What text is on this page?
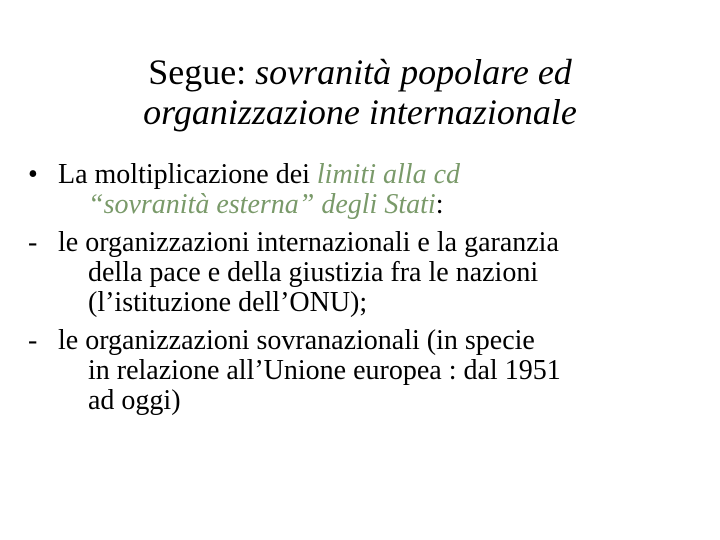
Segue: sovranità popolare ed
organizzazione internazionale
• La moltiplicazione dei limiti alla cd
“sovranità esterna” degli Stati:
- le organizzazioni internazionali e la garanzia
della pace e della giustizia fra le nazioni
(l’istituzione dell’ONU);
- le organizzazioni sovranazionali (in specie
in relazione all’Unione europea : dal 1951
ad oggi)
